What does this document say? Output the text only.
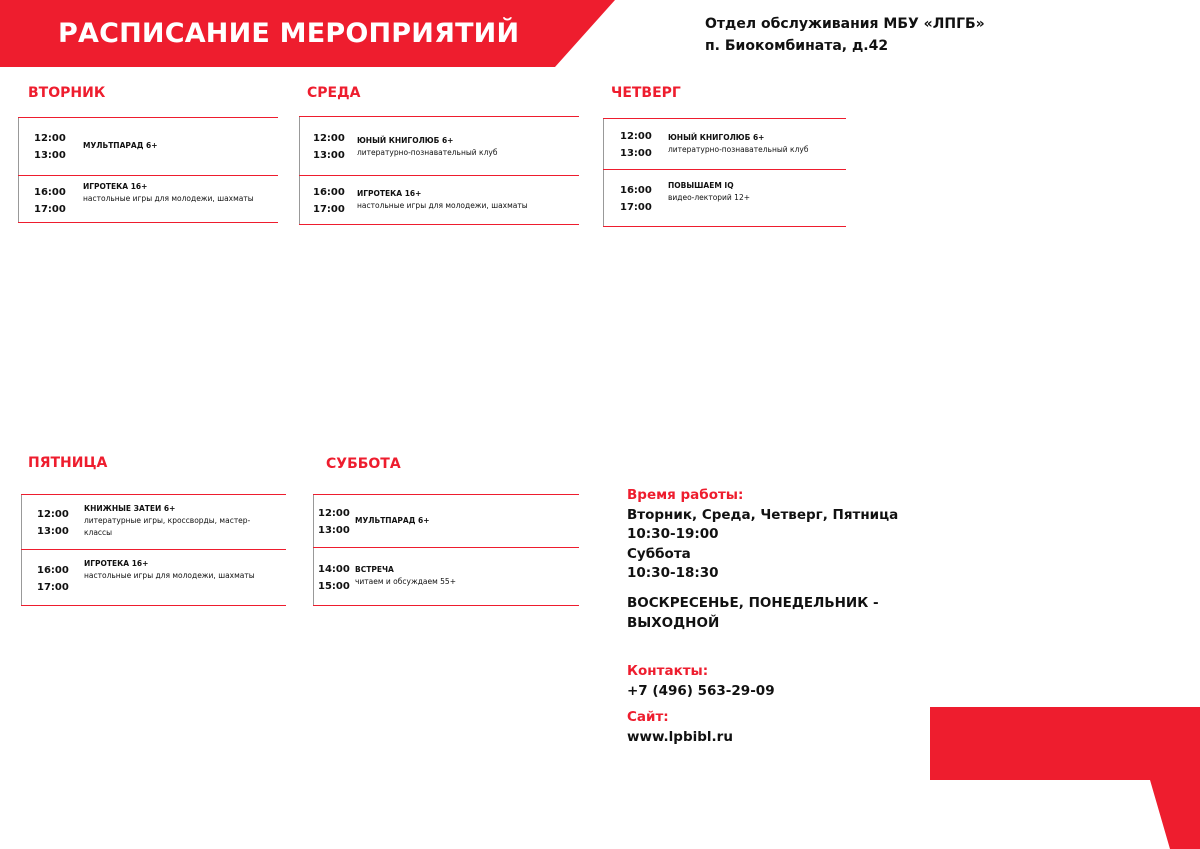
РАСПИСАНИЕ МЕРОПРИЯТИЙ	Отдел обслуживания МБУ «ЛПГБ»
п. Биокомбината, д.42
ВТОРНИК
12:00
13:00
МУЛЬТПАРАД 6+
16:00
17:00
ИГРОТЕКА 16+
настольные игры для молодежи, шахматы
СРЕДА
12:00
13:00
ЮНЫЙ КНИГОЛЮБ 6+
литературно-познавательный клуб
16:00
17:00
ИГРОТЕКА 16+
настольные игры для молодежи, шахматы
ЧЕТВЕРГ
12:00
13:00
ЮНЫЙ КНИГОЛЮБ 6+
литературно-познавательный клуб
16:00
17:00
ПОВЫШАЕМ IQ
видео-лекторий 12+
ПЯТНИЦА
12:00
13:00
КНИЖНЫЕ ЗАТЕИ 6+
литературные игры, кроссворды, мастер-классы
16:00
17:00
ИГРОТЕКА 16+
настольные игры для молодежи, шахматы
СУББОТА
12:00
13:00
МУЛЬТПАРАД 6+
14:00
15:00
ВСТРЕЧА
читаем и обсуждаем 55+
Время работы:
Вторник, Среда, Четверг, Пятница
10:30-19:00
Суббота
10:30-18:30
ВОСКРЕСЕНЬЕ, ПОНЕДЕЛЬНИК -
ВЫХОДНОЙ
Контакты:
+7 (496) 563-29-09
Сайт:
www.lpbibl.ru
